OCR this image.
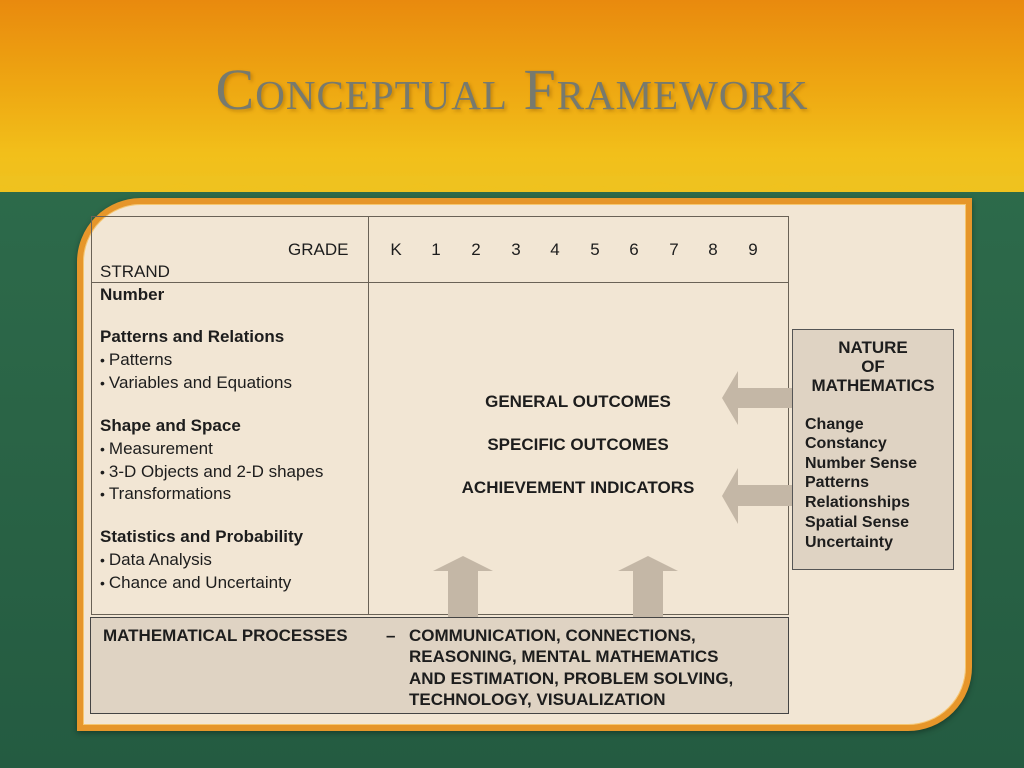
Conceptual Framework
GRADE
STRAND
K	1	2	3	4	5	6	7	8	9
Number
Patterns and Relations
• Patterns
• Variables and Equations
Shape and Space
• Measurement
• 3-D Objects and 2-D shapes
• Transformations
Statistics and Probability
• Data Analysis
• Chance and Uncertainty
GENERAL OUTCOMES
SPECIFIC OUTCOMES
ACHIEVEMENT INDICATORS
NATURE
OF
MATHEMATICS
Change
Constancy
Number Sense
Patterns
Relationships
Spatial Sense
Uncertainty
MATHEMATICAL PROCESSES – COMMUNICATION, CONNECTIONS,
REASONING, MENTAL MATHEMATICS
AND ESTIMATION, PROBLEM SOLVING,
TECHNOLOGY, VISUALIZATION
